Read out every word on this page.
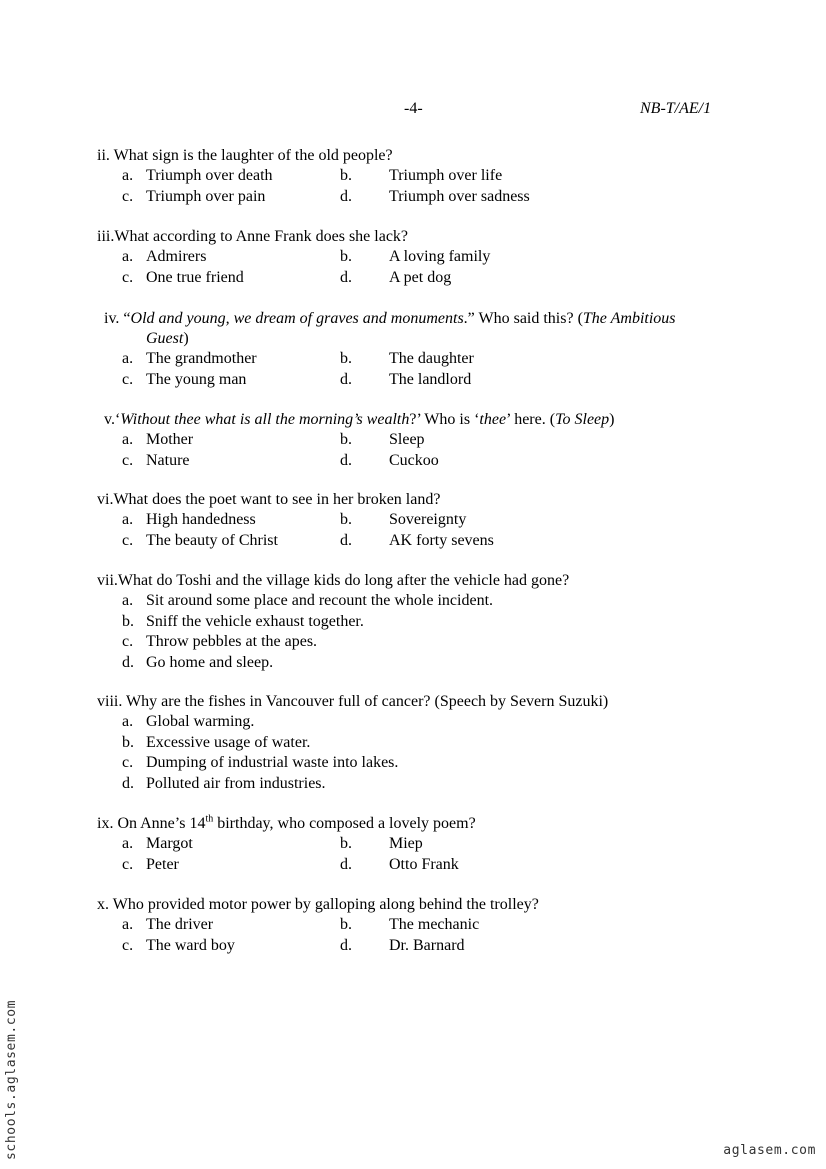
-4-	NB-T/AE/1
ii. What sign is the laughter of the old people?
a. Triumph over death	b. Triumph over life
c. Triumph over pain	d. Triumph over sadness
iii.What according to Anne Frank does she lack?
a. Admirers	b. A loving family
c. One true friend	d. A pet dog
iv. “Old and young, we dream of graves and monuments.” Who said this? (The Ambitious
Guest)
a. The grandmother	b. The daughter
c. The young man	d. The landlord
v.‘Without thee what is all the morning’s wealth?’ Who is ‘thee’ here. (To Sleep)
a. Mother	b. Sleep
c. Nature	d. Cuckoo
vi.What does the poet want to see in her broken land?
a. High handedness	b. Sovereignty
c. The beauty of Christ	d. AK forty sevens
vii.What do Toshi and the village kids do long after the vehicle had gone?
a. Sit around some place and recount the whole incident.
b. Sniff the vehicle exhaust together.
c. Throw pebbles at the apes.
d. Go home and sleep.
viii. Why are the fishes in Vancouver full of cancer? (Speech by Severn Suzuki)
a. Global warming.
b. Excessive usage of water.
c. Dumping of industrial waste into lakes.
d. Polluted air from industries.
ix. On Anne’s 14th birthday, who composed a lovely poem?
a. Margot	b. Miep
c. Peter	d. Otto Frank
x. Who provided motor power by galloping along behind the trolley?
a. The driver	b. The mechanic
c. The ward boy	d. Dr. Barnard
schools.aglasem.com	aglasem.com
